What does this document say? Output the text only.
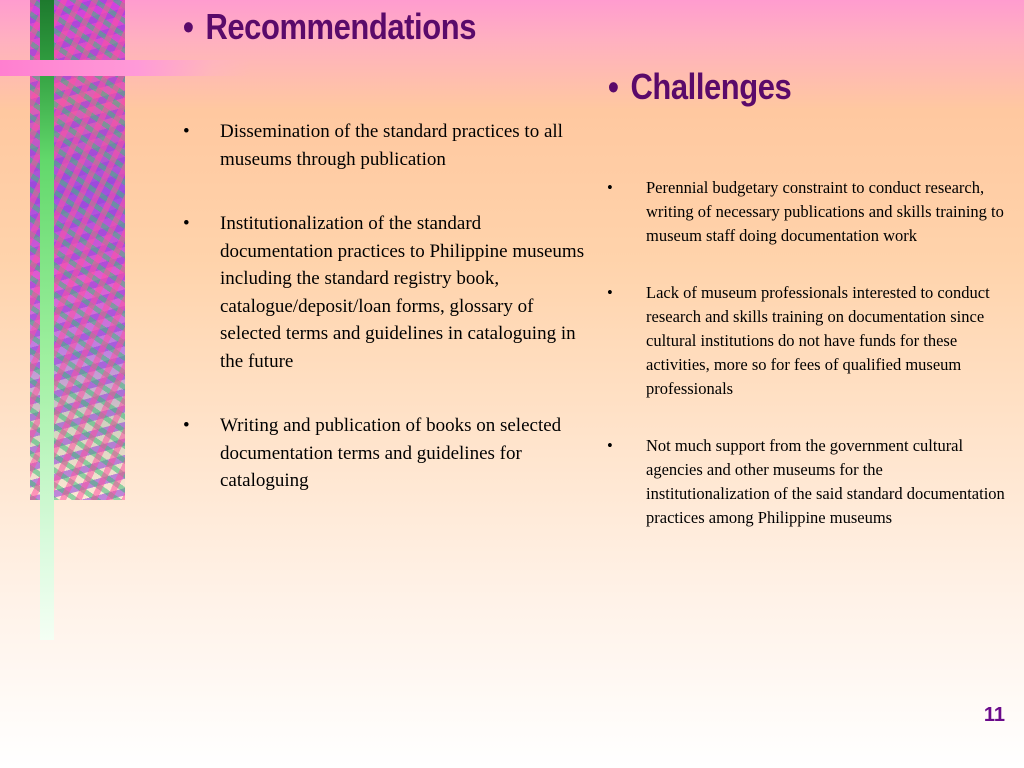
• Recommendations
• Dissemination of the standard practices to all museums through publication
• Institutionalization of the standard documentation practices to Philippine museums including the standard registry book, catalogue/deposit/loan forms, glossary of selected terms and guidelines in cataloguing in the future
• Writing and publication of books on selected documentation terms and guidelines for cataloguing
• Challenges
• Perennial budgetary constraint to conduct research, writing of necessary publications and skills training to museum staff doing documentation work
• Lack of museum professionals interested to conduct research and skills training on documentation since cultural institutions do not have funds for these activities, more so for fees of qualified museum professionals
• Not much support from the government cultural agencies and other museums for the institutionalization of the said standard documentation practices among Philippine museums
11
